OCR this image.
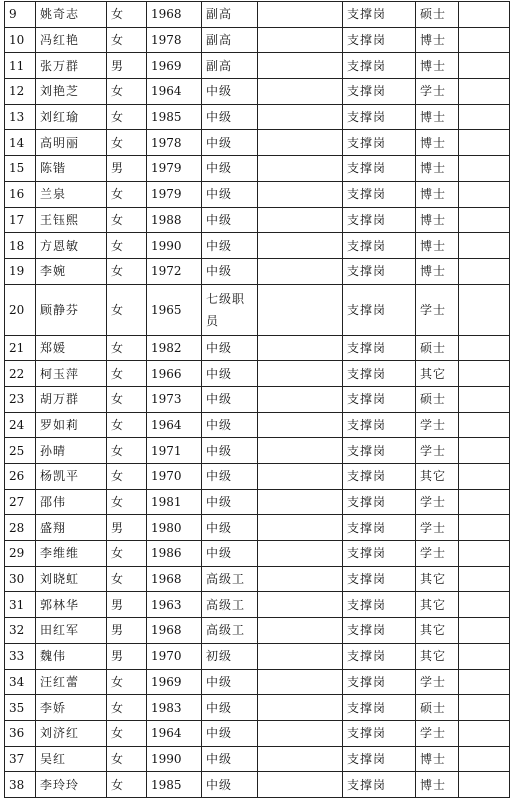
9	姚奇志	女	1968	副高		支撑岗	硕士	
10	冯红艳	女	1978	副高		支撑岗	博士	
11	张万群	男	1969	副高		支撑岗	博士	
12	刘艳芝	女	1964	中级		支撑岗	学士	
13	刘红瑜	女	1985	中级		支撑岗	博士	
14	高明丽	女	1978	中级		支撑岗	博士	
15	陈锴	男	1979	中级		支撑岗	博士	
16	兰泉	女	1979	中级		支撑岗	博士	
17	王钰熙	女	1988	中级		支撑岗	博士	
18	方恩敏	女	1990	中级		支撑岗	博士	
19	李婉	女	1972	中级		支撑岗	博士	
20	顾静芬	女	1965	七级职员		支撑岗	学士	
21	郑媛	女	1982	中级		支撑岗	硕士	
22	柯玉萍	女	1966	中级		支撑岗	其它	
23	胡万群	女	1973	中级		支撑岗	硕士	
24	罗如莉	女	1964	中级		支撑岗	学士	
25	孙晴	女	1971	中级		支撑岗	学士	
26	杨凯平	女	1970	中级		支撑岗	其它	
27	邵伟	女	1981	中级		支撑岗	学士	
28	盛翔	男	1980	中级		支撑岗	学士	
29	李维维	女	1986	中级		支撑岗	学士	
30	刘晓虹	女	1968	高级工		支撑岗	其它	
31	郭林华	男	1963	高级工		支撑岗	其它	
32	田红军	男	1968	高级工		支撑岗	其它	
33	魏伟	男	1970	初级		支撑岗	其它	
34	汪红蕾	女	1969	中级		支撑岗	学士	
35	李娇	女	1983	中级		支撑岗	硕士	
36	刘济红	女	1964	中级		支撑岗	学士	
37	吴红	女	1990	中级		支撑岗	博士	
38	李玲玲	女	1985	中级		支撑岗	博士	
